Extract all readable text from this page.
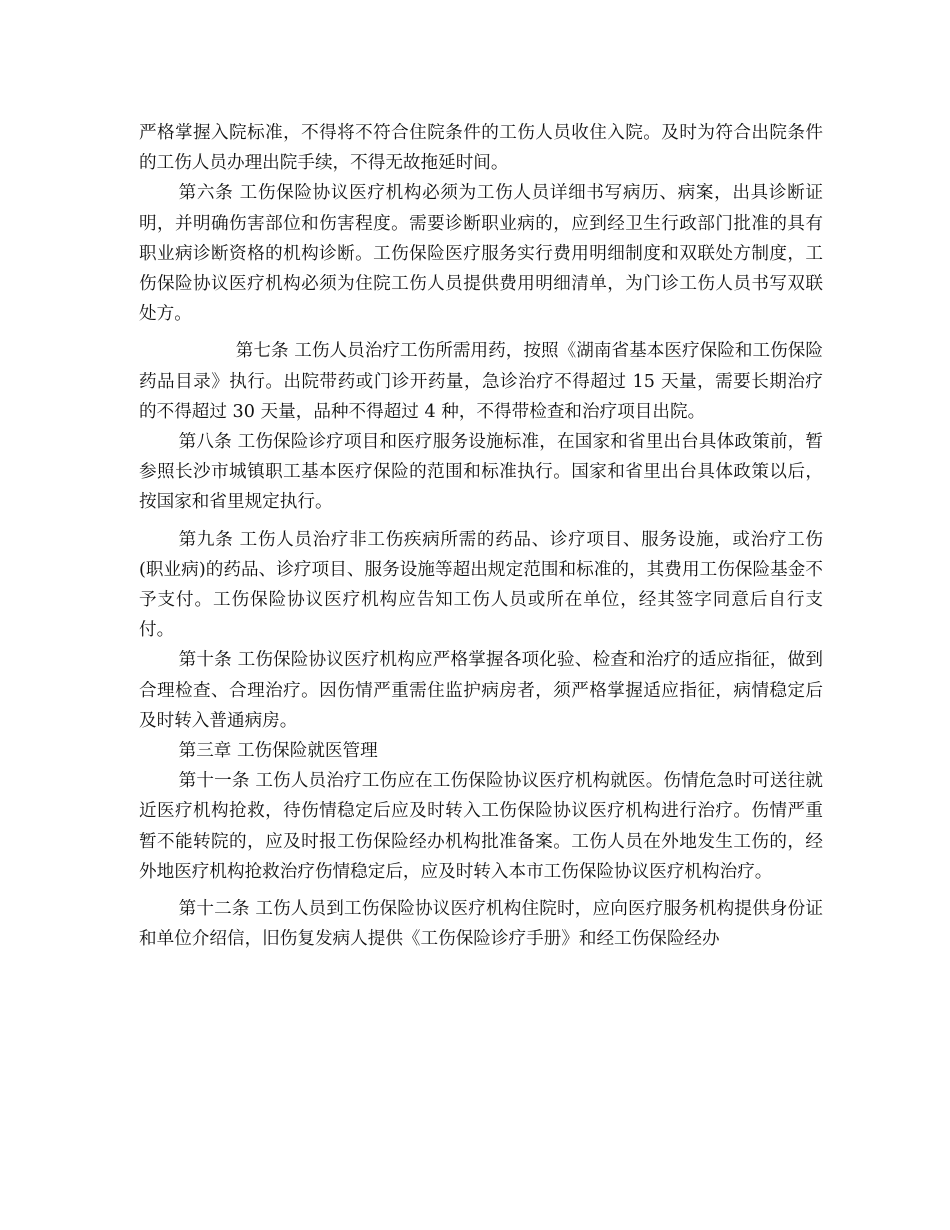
严格掌握入院标准，不得将不符合住院条件的工伤人员收住入院。及时为符合出院条件的工伤人员办理出院手续，不得无故拖延时间。

第六条 工伤保险协议医疗机构必须为工伤人员详细书写病历、病案，出具诊断证明，并明确伤害部位和伤害程度。需要诊断职业病的，应到经卫生行政部门批准的具有职业病诊断资格的机构诊断。工伤保险医疗服务实行费用明细制度和双联处方制度，工伤保险协议医疗机构必须为住院工伤人员提供费用明细清单，为门诊工伤人员书写双联处方。

第七条 工伤人员治疗工伤所需用药，按照《湖南省基本医疗保险和工伤保险药品目录》执行。出院带药或门诊开药量，急诊治疗不得超过 15 天量，需要长期治疗的不得超过 30 天量，品种不得超过 4 种，不得带检查和治疗项目出院。

第八条 工伤保险诊疗项目和医疗服务设施标准，在国家和省里出台具体政策前，暂参照长沙市城镇职工基本医疗保险的范围和标准执行。国家和省里出台具体政策以后，按国家和省里规定执行。

第九条 工伤人员治疗非工伤疾病所需的药品、诊疗项目、服务设施，或治疗工伤(职业病)的药品、诊疗项目、服务设施等超出规定范围和标准的，其费用工伤保险基金不予支付。工伤保险协议医疗机构应告知工伤人员或所在单位，经其签字同意后自行支付。

第十条 工伤保险协议医疗机构应严格掌握各项化验、检查和治疗的适应指征，做到合理检查、合理治疗。因伤情严重需住监护病房者，须严格掌握适应指征，病情稳定后及时转入普通病房。

第三章 工伤保险就医管理

第十一条 工伤人员治疗工伤应在工伤保险协议医疗机构就医。伤情危急时可送往就近医疗机构抢救，待伤情稳定后应及时转入工伤保险协议医疗机构进行治疗。伤情严重暂不能转院的，应及时报工伤保险经办机构批准备案。工伤人员在外地发生工伤的，经外地医疗机构抢救治疗伤情稳定后，应及时转入本市工伤保险协议医疗机构治疗。

第十二条 工伤人员到工伤保险协议医疗机构住院时，应向医疗服务机构提供身份证和单位介绍信，旧伤复发病人提供《工伤保险诊疗手册》和经工伤保险经办
